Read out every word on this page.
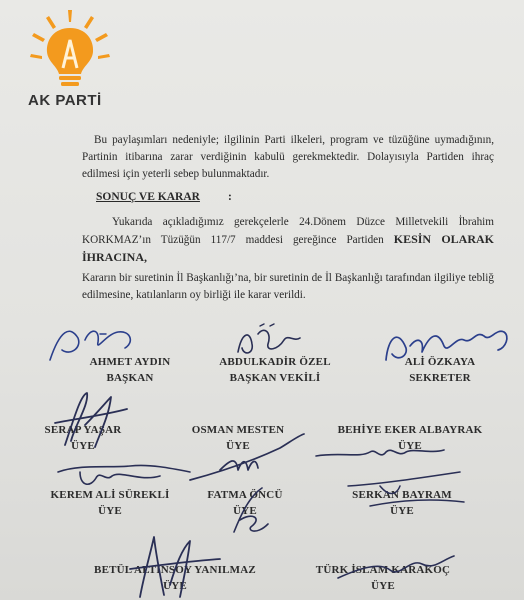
AK PARTİ
Bu paylaşımları nedeniyle; ilgilinin Parti ilkeleri, program ve tüzüğüne uymadığının, Partinin itibarına zarar verdiğinin kabulü gerekmektedir. Dolayısıyla Partiden ihraç edilmesi için yeterli sebep bulunmaktadır.
SONUÇ VE KARAR :
Yukarıda açıkladığımız gerekçelerle 24.Dönem Düzce Milletvekili İbrahim KORKMAZ’ın Tüzüğün 117/7 maddesi gereğince Partiden KESİN OLARAK İHRACINA,
Kararın bir suretinin İl Başkanlığı’na, bir suretinin de İl Başkanlığı tarafından ilgiliye tebliğ edilmesine, katılanların oy birliği ile karar verildi.
AHMET AYDIN
BAŞKAN
ABDULKADİR ÖZEL
BAŞKAN VEKİLİ
ALİ ÖZKAYA
SEKRETER
SERAP YAŞAR
ÜYE
OSMAN MESTEN
ÜYE
BEHİYE EKER ALBAYRAK
ÜYE
KEREM ALİ SÜREKLİ
ÜYE
FATMA ÖNCÜ
ÜYE
SERKAN BAYRAM
ÜYE
BETÜL ALTINSOY YANILMAZ
ÜYE
TÜRK İSLAM KARAKOÇ
ÜYE
